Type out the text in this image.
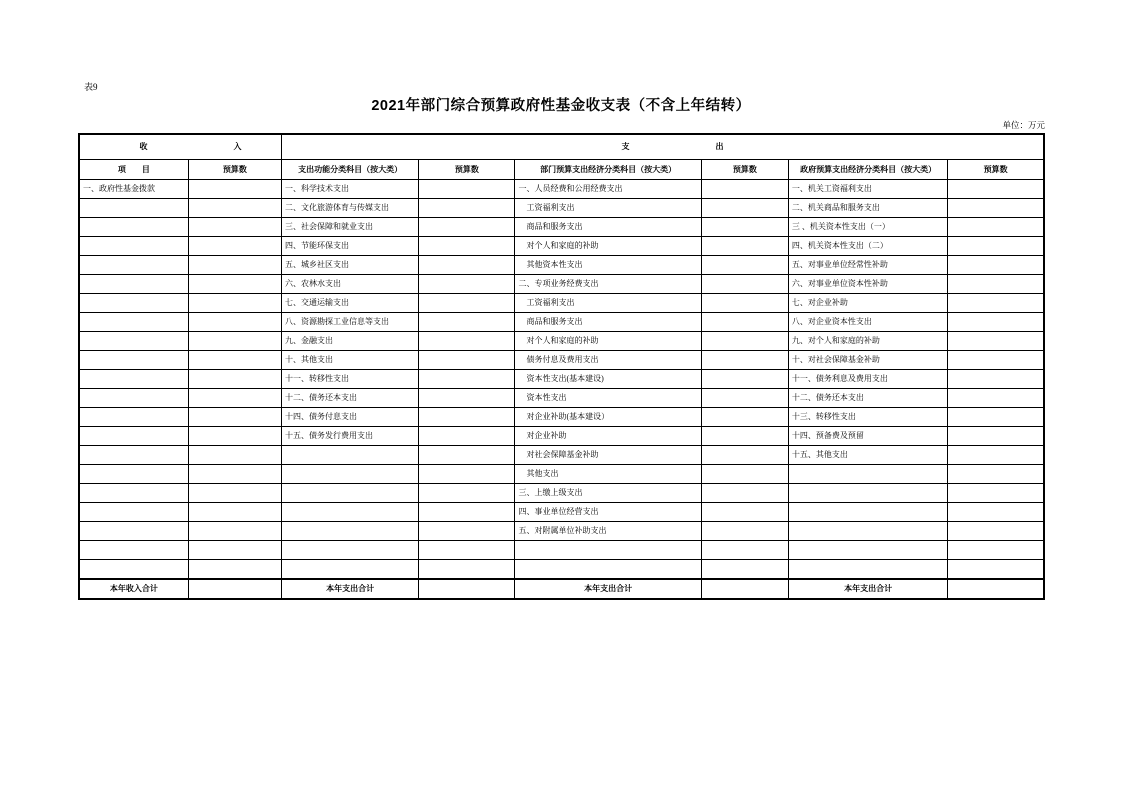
表9
2021年部门综合预算政府性基金收支表（不含上年结转）
单位：万元

收 入		支 出					

项　　目	预算数	支出功能分类科目（按大类）	预算数	部门预算支出经济分类科目（按大类）	预算数	政府预算支出经济分类科目（按大类）	预算数
一、政府性基金拨款		一、科学技术支出		一、人员经费和公用经费支出		一、机关工资福利支出	
		二、文化旅游体育与传媒支出		　工资福利支出		二、机关商品和服务支出	
		三、社会保障和就业支出		　商品和服务支出		三 、机关资本性支出（一）	
		四、节能环保支出		　对个人和家庭的补助		四、机关资本性支出（二）	
		五、城乡社区支出		　其他资本性支出		五、对事业单位经常性补助	
		六、农林水支出		二、专项业务经费支出		六、对事业单位资本性补助	
		七、交通运输支出		　工资福利支出		七、对企业补助	
		八、资源勘探工业信息等支出		　商品和服务支出		八、对企业资本性支出	
		九、金融支出		　对个人和家庭的补助		九、对个人和家庭的补助	
		十、其他支出		　债务付息及费用支出		十、对社会保障基金补助	
		十一、转移性支出		　资本性支出(基本建设)		十一、债务利息及费用支出	
		十二、债务还本支出		　资本性支出		十二、债务还本支出	
		十四、债务付息支出		　对企业补助(基本建设）		十三、转移性支出	
		十五、债务发行费用支出		　对企业补助		十四、预备费及预留	
				　对社会保障基金补助		十五、其他支出	
				　其他支出			
				三、上缴上级支出			
				四、事业单位经营支出			
				五、对附属单位补助支出			

本年收入合计		本年支出合计		本年支出合计		本年支出合计	
